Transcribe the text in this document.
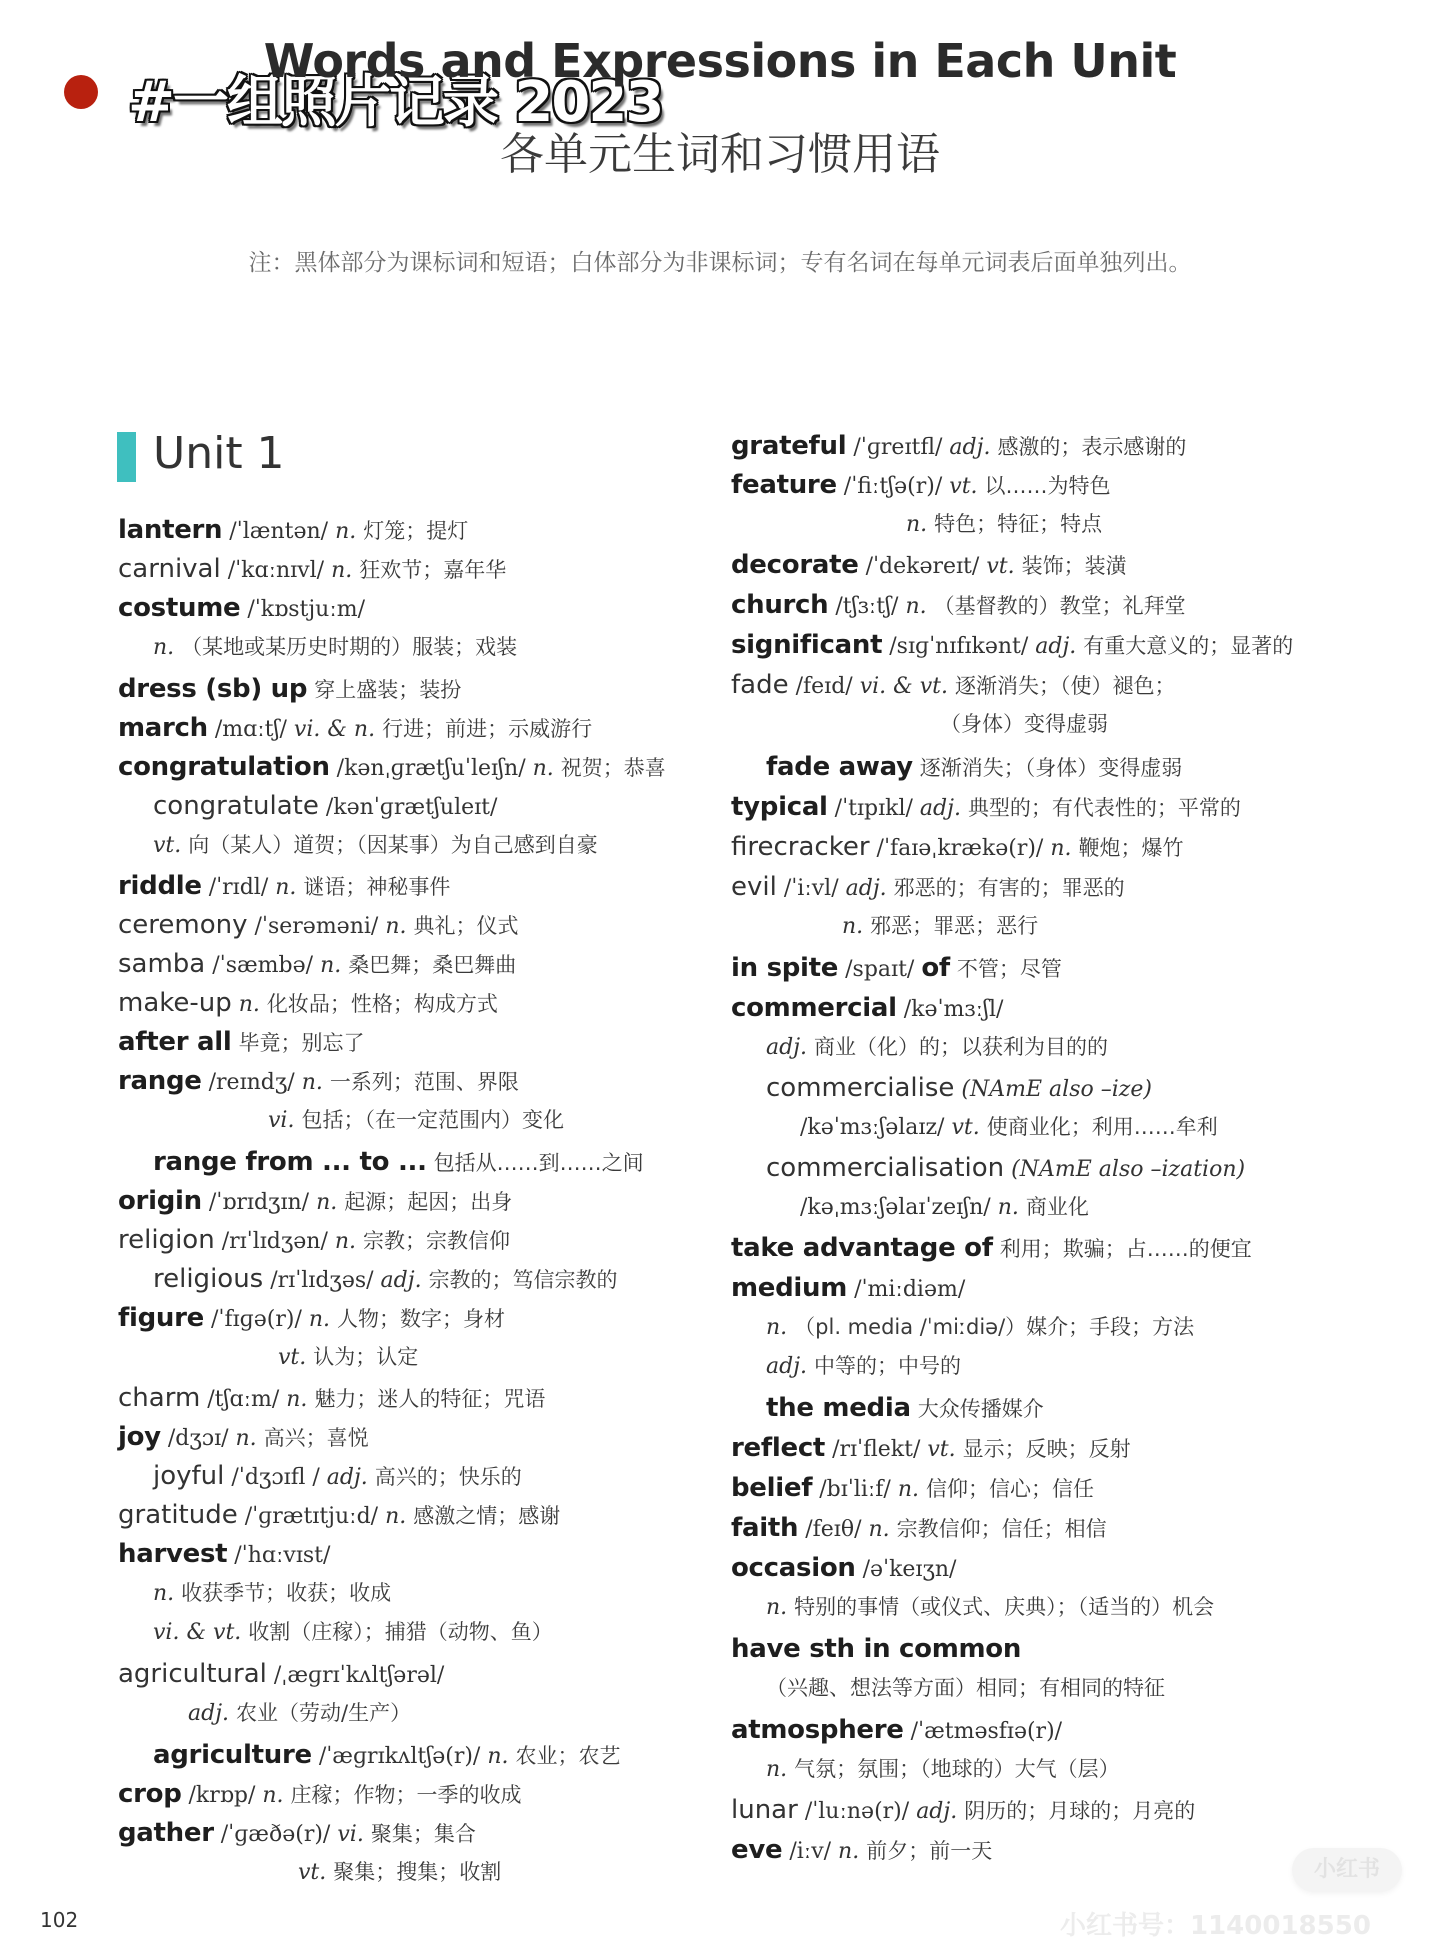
#一组照片记录 2023
Words and Expressions in Each Unit
各单元生词和习惯用语
注：黑体部分为课标词和短语；白体部分为非课标词；专有名词在每单元词表后面单独列出。
Unit 1
lantern /ˈlæntən/ n. 灯笼；提灯
carnival /ˈkɑːnɪvl/ n. 狂欢节；嘉年华
costume /ˈkɒstjuːm/
n. （某地或某历史时期的）服装；戏装
dress (sb) up 穿上盛装；装扮
march /mɑːtʃ/ vi. & n. 行进；前进；示威游行
congratulation /kənˌɡrætʃuˈleɪʃn/ n. 祝贺；恭喜
congratulate /kənˈɡrætʃuleɪt/
vt. 向（某人）道贺；（因某事）为自己感到自豪
riddle /ˈrɪdl/ n. 谜语；神秘事件
ceremony /ˈserəməni/ n. 典礼；仪式
samba /ˈsæmbə/ n. 桑巴舞；桑巴舞曲
make-up n. 化妆品；性格；构成方式
after all 毕竟；别忘了
range /reɪndʒ/ n. 一系列；范围、界限
vi. 包括；（在一定范围内）变化
range from ... to ... 包括从……到……之间
origin /ˈɒrɪdʒɪn/ n. 起源；起因；出身
religion /rɪˈlɪdʒən/ n. 宗教；宗教信仰
religious /rɪˈlɪdʒəs/ adj. 宗教的；笃信宗教的
figure /ˈfɪɡə(r)/ n. 人物；数字；身材
vt. 认为；认定
charm /tʃɑːm/ n. 魅力；迷人的特征；咒语
joy /dʒɔɪ/ n. 高兴；喜悦
joyful /ˈdʒɔɪfl / adj. 高兴的；快乐的
gratitude /ˈɡrætɪtjuːd/ n. 感激之情；感谢
harvest /ˈhɑːvɪst/
n. 收获季节；收获；收成
vi. & vt. 收割（庄稼）；捕猎（动物、鱼）
agricultural /ˌæɡrɪˈkʌltʃərəl/
adj. 农业（劳动/生产）
agriculture /ˈæɡrɪkʌltʃə(r)/ n. 农业；农艺
crop /krɒp/ n. 庄稼；作物；一季的收成
gather /ˈɡæðə(r)/ vi. 聚集；集合
vt. 聚集；搜集；收割
grateful /ˈɡreɪtfl/ adj. 感激的；表示感谢的
feature /ˈfiːtʃə(r)/ vt. 以……为特色
n. 特色；特征；特点
decorate /ˈdekəreɪt/ vt. 装饰；装潢
church /tʃɜːtʃ/ n. （基督教的）教堂；礼拜堂
significant /sɪɡˈnɪfɪkənt/ adj. 有重大意义的；显著的
fade /feɪd/ vi. & vt. 逐渐消失；（使）褪色；
（身体）变得虚弱
fade away 逐渐消失；（身体）变得虚弱
typical /ˈtɪpɪkl/ adj. 典型的；有代表性的；平常的
firecracker /ˈfaɪəˌkrækə(r)/ n. 鞭炮；爆竹
evil /ˈiːvl/ adj. 邪恶的；有害的；罪恶的
n. 邪恶；罪恶；恶行
in spite /spaɪt/ of 不管；尽管
commercial /kəˈmɜːʃl/
adj. 商业（化）的；以获利为目的的
commercialise (NAmE also –ize)
/kəˈmɜːʃəlaɪz/ vt. 使商业化；利用……牟利
commercialisation (NAmE also –ization)
/kəˌmɜːʃəlaɪˈzeɪʃn/ n. 商业化
take advantage of 利用；欺骗；占……的便宜
medium /ˈmiːdiəm/
n. （pl. media /ˈmiːdiə/）媒介；手段；方法
adj. 中等的；中号的
the media 大众传播媒介
reflect /rɪˈflekt/ vt. 显示；反映；反射
belief /bɪˈliːf/ n. 信仰；信心；信任
faith /feɪθ/ n. 宗教信仰；信任；相信
occasion /əˈkeɪʒn/
n. 特别的事情（或仪式、庆典）；（适当的）机会
have sth in common
（兴趣、想法等方面）相同；有相同的特征
atmosphere /ˈætməsfɪə(r)/
n. 气氛；氛围；（地球的）大气（层）
lunar /ˈluːnə(r)/ adj. 阴历的；月球的；月亮的
eve /iːv/ n. 前夕；前一天
102
小红书
小红书号：1140018550
